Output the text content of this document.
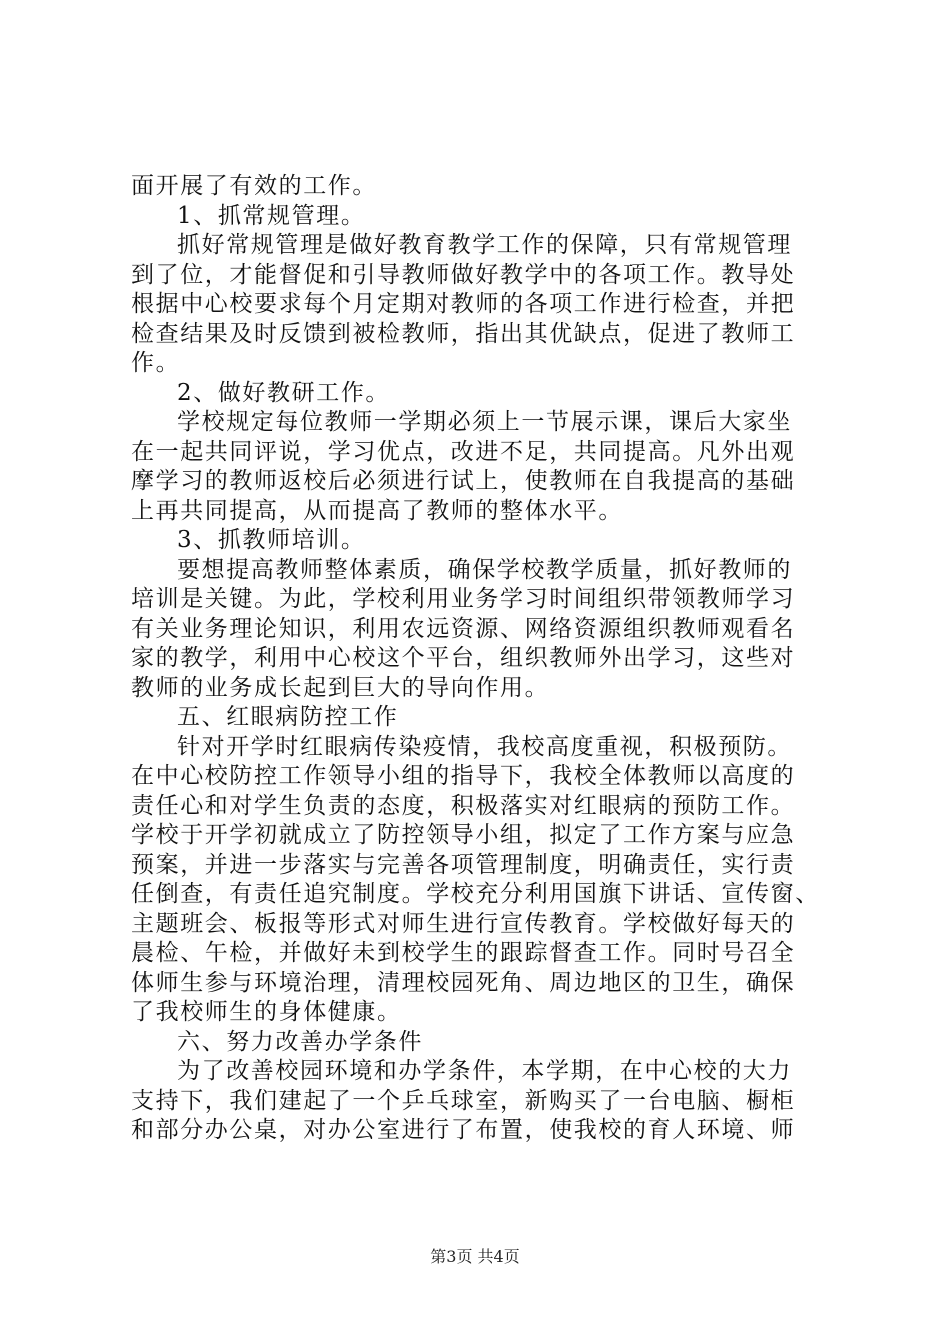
面开展了有效的工作。
1、抓常规管理。
抓好常规管理是做好教育教学工作的保障，只有常规管理
到了位，才能督促和引导教师做好教学中的各项工作。教导处
根据中心校要求每个月定期对教师的各项工作进行检查，并把
检查结果及时反馈到被检教师，指出其优缺点，促进了教师工
作。
2、做好教研工作。
学校规定每位教师一学期必须上一节展示课，课后大家坐
在一起共同评说，学习优点，改进不足，共同提高。凡外出观
摩学习的教师返校后必须进行试上，使教师在自我提高的基础
上再共同提高，从而提高了教师的整体水平。
3、抓教师培训。
要想提高教师整体素质，确保学校教学质量，抓好教师的
培训是关键。为此，学校利用业务学习时间组织带领教师学习
有关业务理论知识，利用农远资源、网络资源组织教师观看名
家的教学，利用中心校这个平台，组织教师外出学习，这些对
教师的业务成长起到巨大的导向作用。
五、红眼病防控工作
针对开学时红眼病传染疫情，我校高度重视，积极预防。
在中心校防控工作领导小组的指导下，我校全体教师以高度的
责任心和对学生负责的态度，积极落实对红眼病的预防工作。
学校于开学初就成立了防控领导小组，拟定了工作方案与应急
预案，并进一步落实与完善各项管理制度，明确责任，实行责
任倒查，有责任追究制度。学校充分利用国旗下讲话、宣传窗、
主题班会、板报等形式对师生进行宣传教育。学校做好每天的
晨检、午检，并做好未到校学生的跟踪督查工作。同时号召全
体师生参与环境治理，清理校园死角、周边地区的卫生，确保
了我校师生的身体健康。
六、努力改善办学条件
为了改善校园环境和办学条件，本学期，在中心校的大力
支持下，我们建起了一个乒乓球室，新购买了一台电脑、橱柜
和部分办公桌，对办公室进行了布置，使我校的育人环境、师
第3页 共4页
